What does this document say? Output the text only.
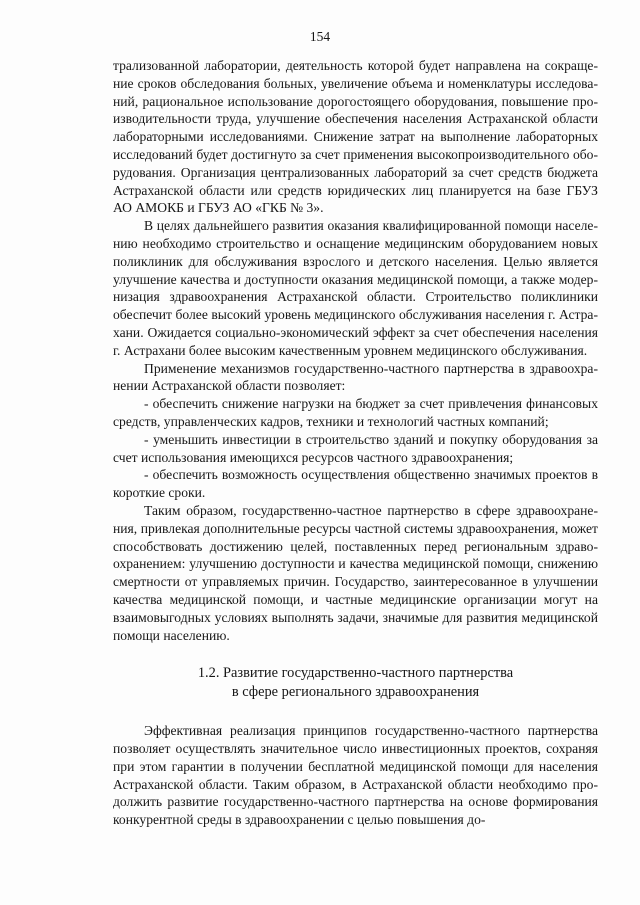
154

трализованной лаборатории, деятельность которой будет направлена на сокращение сроков обследования больных, увеличение объема и номенклатуры исследований, рациональное использование дорогостоящего оборудования, повышение производительности труда, улучшение обеспечения населения Астраханской области лабораторными исследованиями. Снижение затрат на выполнение лабораторных исследований будет достигнуто за счет применения высокопроизводительного оборудования. Организация централизованных лабораторий за счет средств бюджета Астраханской области или средств юридических лиц планируется на базе ГБУЗ АО АМОКБ и ГБУЗ АО «ГКБ № 3».

В целях дальнейшего развития оказания квалифицированной помощи населению необходимо строительство и оснащение медицинским оборудованием новых поликлиник для обслуживания взрослого и детского населения. Целью является улучшение качества и доступности оказания медицинской помощи, а также модернизация здравоохранения Астраханской области. Строительство поликлиники обеспечит более высокий уровень медицинского обслуживания населения г. Астрахани. Ожидается социально-экономический эффект за счет обеспечения населения г. Астрахани более высоким качественным уровнем медицинского обслуживания.

Применение механизмов государственно-частного партнерства в здравоохранении Астраханской области позволяет:

- обеспечить снижение нагрузки на бюджет за счет привлечения финансовых средств, управленческих кадров, техники и технологий частных компаний;

- уменьшить инвестиции в строительство зданий и покупку оборудования за счет использования имеющихся ресурсов частного здравоохранения;

- обеспечить возможность осуществления общественно значимых проектов в короткие сроки.

Таким образом, государственно-частное партнерство в сфере здравоохранения, привлекая дополнительные ресурсы частной системы здравоохранения, может способствовать достижению целей, поставленных перед региональным здравоохранением: улучшению доступности и качества медицинской помощи, снижению смертности от управляемых причин. Государство, заинтересованное в улучшении качества медицинской помощи, и частные медицинские организации могут на взаимовыгодных условиях выполнять задачи, значимые для развития медицинской помощи населению.

1.2. Развитие государственно-частного партнерства
в сфере регионального здравоохранения

Эффективная реализация принципов государственно-частного партнерства позволяет осуществлять значительное число инвестиционных проектов, сохраняя при этом гарантии в получении бесплатной медицинской помощи для населения Астраханской области. Таким образом, в Астраханской области необходимо продолжить развитие государственно-частного партнерства на основе формирования конкурентной среды в здравоохранении с целью повышения до-
